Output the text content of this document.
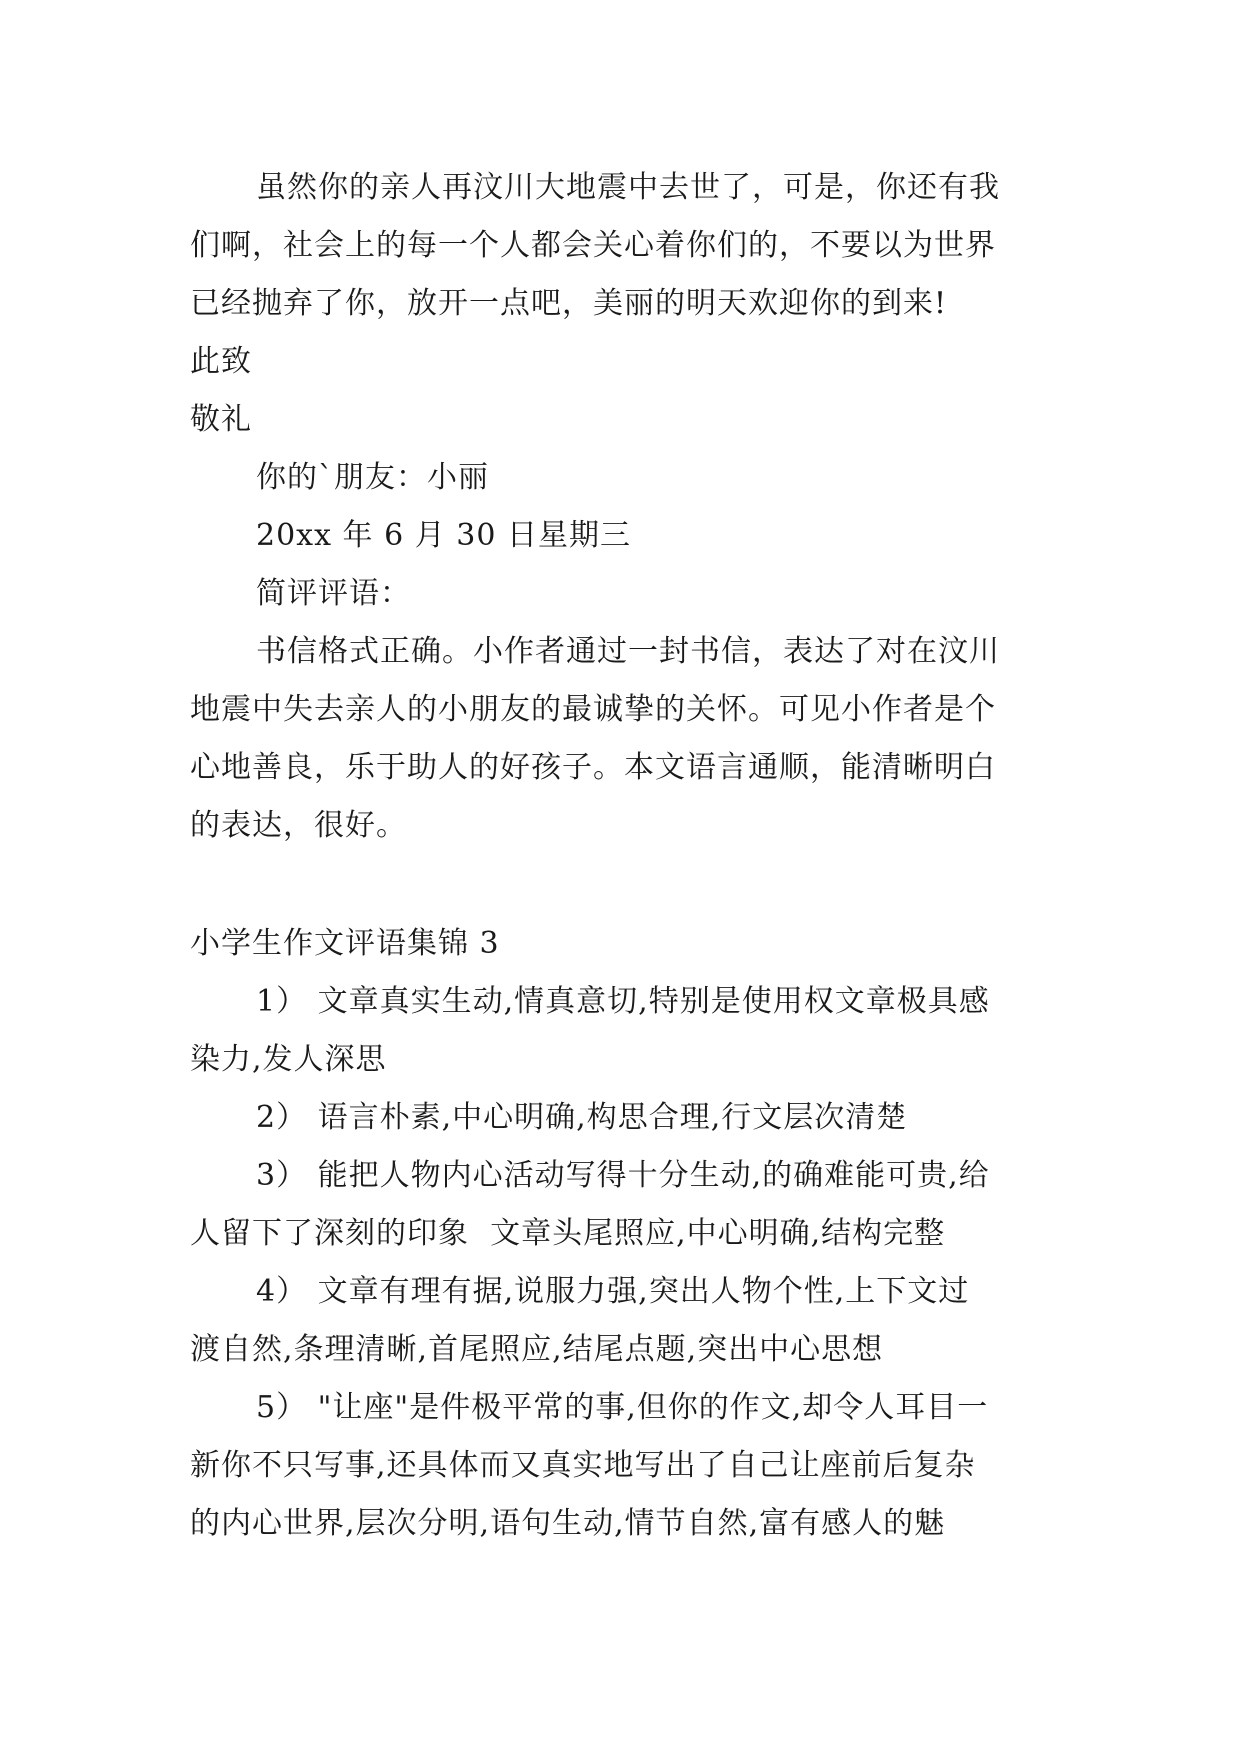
虽然你的亲人再汶川大地震中去世了，可是，你还有我
们啊，社会上的每一个人都会关心着你们的，不要以为世界
已经抛弃了你，放开一点吧，美丽的明天欢迎你的到来!
此致
敬礼
你的`朋友：小丽
20xx 年 6 月 30 日星期三
简评评语：
书信格式正确。小作者通过一封书信，表达了对在汶川
地震中失去亲人的小朋友的最诚挚的关怀。可见小作者是个
心地善良，乐于助人的好孩子。本文语言通顺，能清晰明白
的表达，很好。
小学生作文评语集锦 3
1） 文章真实生动,情真意切,特别是使用权文章极具感
染力,发人深思
2） 语言朴素,中心明确,构思合理,行文层次清楚
3） 能把人物内心活动写得十分生动,的确难能可贵,给
人留下了深刻的印象  文章头尾照应,中心明确,结构完整
4） 文章有理有据,说服力强,突出人物个性,上下文过
渡自然,条理清晰,首尾照应,结尾点题,突出中心思想
5） "让座"是件极平常的事,但你的作文,却令人耳目一
新你不只写事,还具体而又真实地写出了自己让座前后复杂
的内心世界,层次分明,语句生动,情节自然,富有感人的魅
